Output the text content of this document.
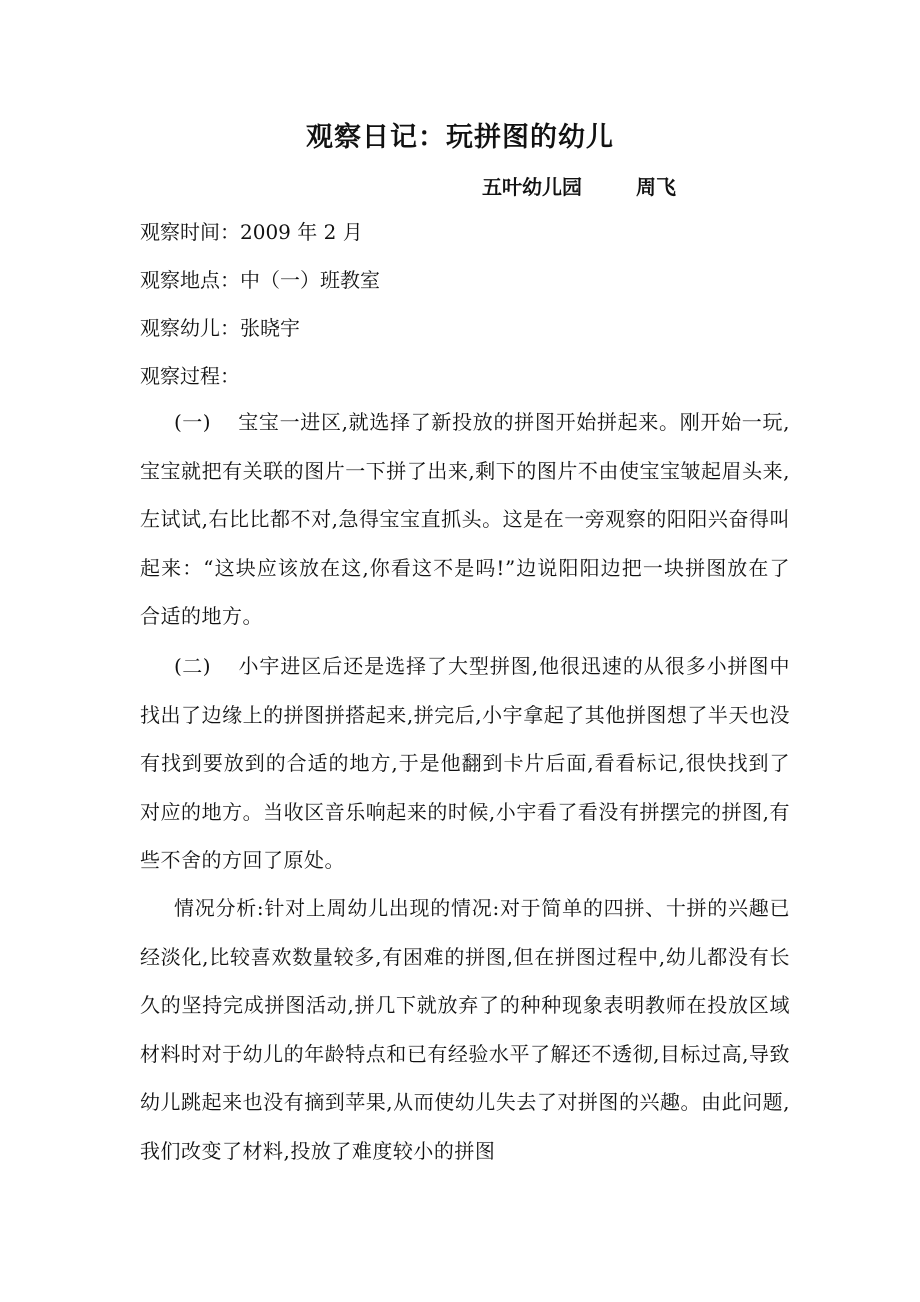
观察日记：玩拼图的幼儿
五叶幼儿园	周飞
观察时间：2009 年 2 月
观察地点：中（一）班教室
观察幼儿：张晓宇
观察过程：
(一) 宝宝一进区,就选择了新投放的拼图开始拼起来。刚开始一玩,宝宝就把有关联的图片一下拼了出来,剩下的图片不由使宝宝皱起眉头来,左试试,右比比都不对,急得宝宝直抓头。这是在一旁观察的阳阳兴奋得叫起来：“这块应该放在这,你看这不是吗!”边说阳阳边把一块拼图放在了合适的地方。
(二) 小宇进区后还是选择了大型拼图,他很迅速的从很多小拼图中找出了边缘上的拼图拼搭起来,拼完后,小宇拿起了其他拼图想了半天也没有找到要放到的合适的地方,于是他翻到卡片后面,看看标记,很快找到了对应的地方。当收区音乐响起来的时候,小宇看了看没有拼摆完的拼图,有些不舍的方回了原处。
情况分析:针对上周幼儿出现的情况:对于简单的四拼、十拼的兴趣已经淡化,比较喜欢数量较多,有困难的拼图,但在拼图过程中,幼儿都没有长久的坚持完成拼图活动,拼几下就放弃了的种种现象表明教师在投放区域材料时对于幼儿的年龄特点和已有经验水平了解还不透彻,目标过高,导致幼儿跳起来也没有摘到苹果,从而使幼儿失去了对拼图的兴趣。由此问题,我们改变了材料,投放了难度较小的拼图
